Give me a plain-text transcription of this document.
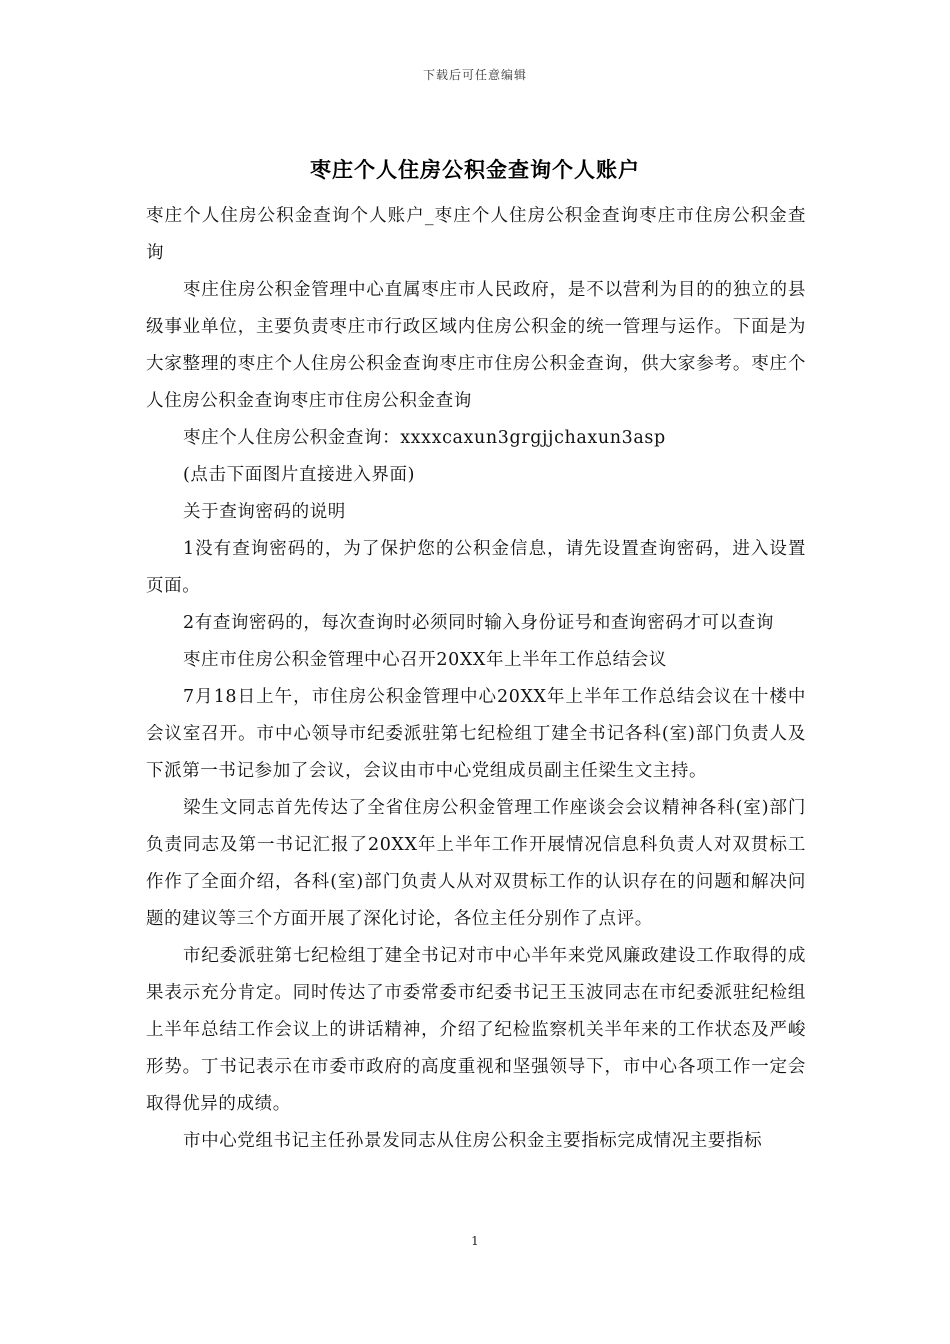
下载后可任意编辑
枣庄个人住房公积金查询个人账户

枣庄个人住房公积金查询个人账户_枣庄个人住房公积金查询枣庄市住房公积金查询

枣庄住房公积金管理中心直属枣庄市人民政府，是不以营利为目的的独立的县级事业单位，主要负责枣庄市行政区域内住房公积金的统一管理与运作。下面是为大家整理的枣庄个人住房公积金查询枣庄市住房公积金查询，供大家参考。枣庄个人住房公积金查询枣庄市住房公积金查询

枣庄个人住房公积金查询：xxxxcaxun3grgjjchaxun3asp

(点击下面图片直接进入界面)

关于查询密码的说明

1没有查询密码的，为了保护您的公积金信息，请先设置查询密码，进入设置页面。

2有查询密码的，每次查询时必须同时输入身份证号和查询密码才可以查询

枣庄市住房公积金管理中心召开20XX年上半年工作总结会议

7月18日上午，市住房公积金管理中心20XX年上半年工作总结会议在十楼中会议室召开。市中心领导市纪委派驻第七纪检组丁建全书记各科(室)部门负责人及下派第一书记参加了会议，会议由市中心党组成员副主任梁生文主持。

梁生文同志首先传达了全省住房公积金管理工作座谈会会议精神各科(室)部门负责同志及第一书记汇报了20XX年上半年工作开展情况信息科负责人对双贯标工作作了全面介绍，各科(室)部门负责人从对双贯标工作的认识存在的问题和解决问题的建议等三个方面开展了深化讨论，各位主任分别作了点评。

市纪委派驻第七纪检组丁建全书记对市中心半年来党风廉政建设工作取得的成果表示充分肯定。同时传达了市委常委市纪委书记王玉波同志在市纪委派驻纪检组上半年总结工作会议上的讲话精神，介绍了纪检监察机关半年来的工作状态及严峻形势。丁书记表示在市委市政府的高度重视和坚强领导下，市中心各项工作一定会取得优异的成绩。

市中心党组书记主任孙景发同志从住房公积金主要指标完成情况主要指标

1
